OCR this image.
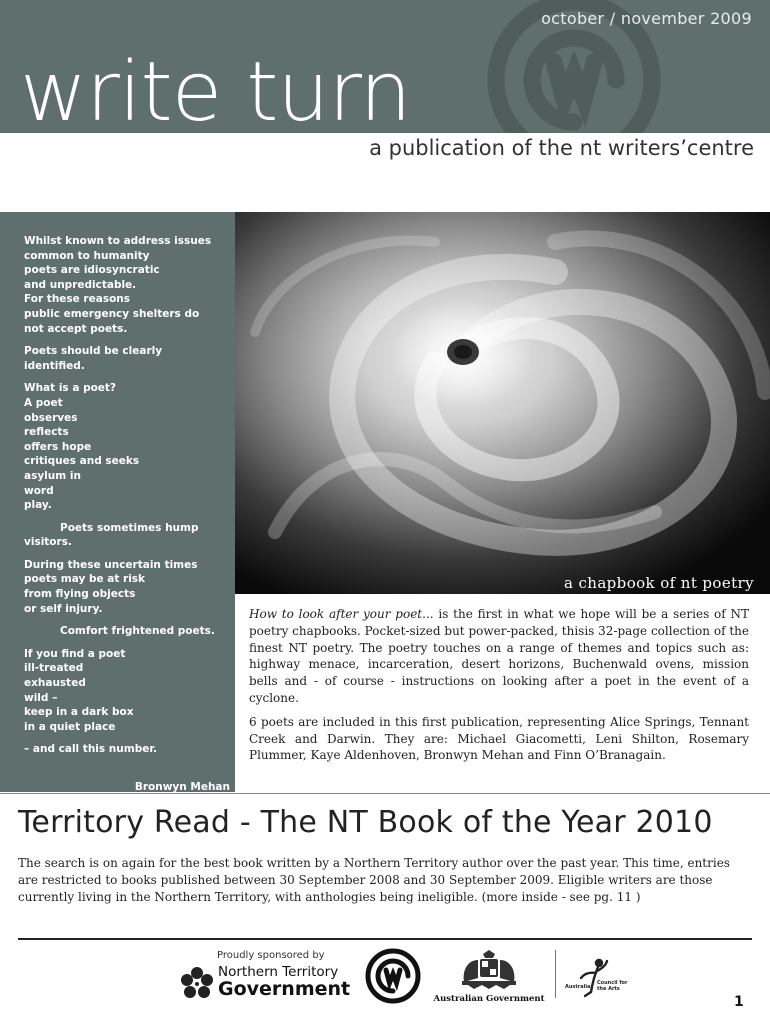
october / november 2009
write turn
a publication of the nt writers’centre

Whilst known to address issues
common to humanity
poets are idiosyncratic
and unpredictable.
For these reasons
public emergency shelters do
not accept poets.

Poets should be clearly
identified.

What is a poet?
A poet
observes
reflects
offers hope
critiques and seeks
asylum in
word
play.

Poets sometimes hump
visitors.

During these uncertain times
poets may be at risk
from flying objects
or self injury.

Comfort frightened poets.

If you find a poet
ill-treated
exhausted
wild –
keep in a dark box
in a quiet place

– and call this number.

Bronwyn Mehan

a chapbook of nt poetry

How to look after your poet... is the first in what we hope will be a series of NT poetry chapbooks. Pocket-sized but power-packed, thisis 32-page collection of the finest NT poetry. The poetry touches on a range of themes and topics such as: highway menace, incarceration, desert horizons, Buchenwald ovens, mission bells and - of course - instructions on looking after a poet in the event of a cyclone.

6 poets are included in this first publication, representing Alice Springs, Tennant Creek and Darwin. They are: Michael Giacometti, Leni Shilton, Rosemary Plummer, Kaye Aldenhoven, Bronwyn Mehan and Finn O’Branagain.

Territory Read - The NT Book of the Year 2010

The search is on again for the best book written by a Northern Territory author over the past year. This time, entries are restricted to books published between 30 September 2008 and 30 September 2009. Eligible writers are those currently living in the Northern Territory, with anthologies being ineligible. (more inside - see pg. 11 )

Proudly sponsored by
Northern Territory
Government	Australian Government
Australia
Council for the Arts
1
